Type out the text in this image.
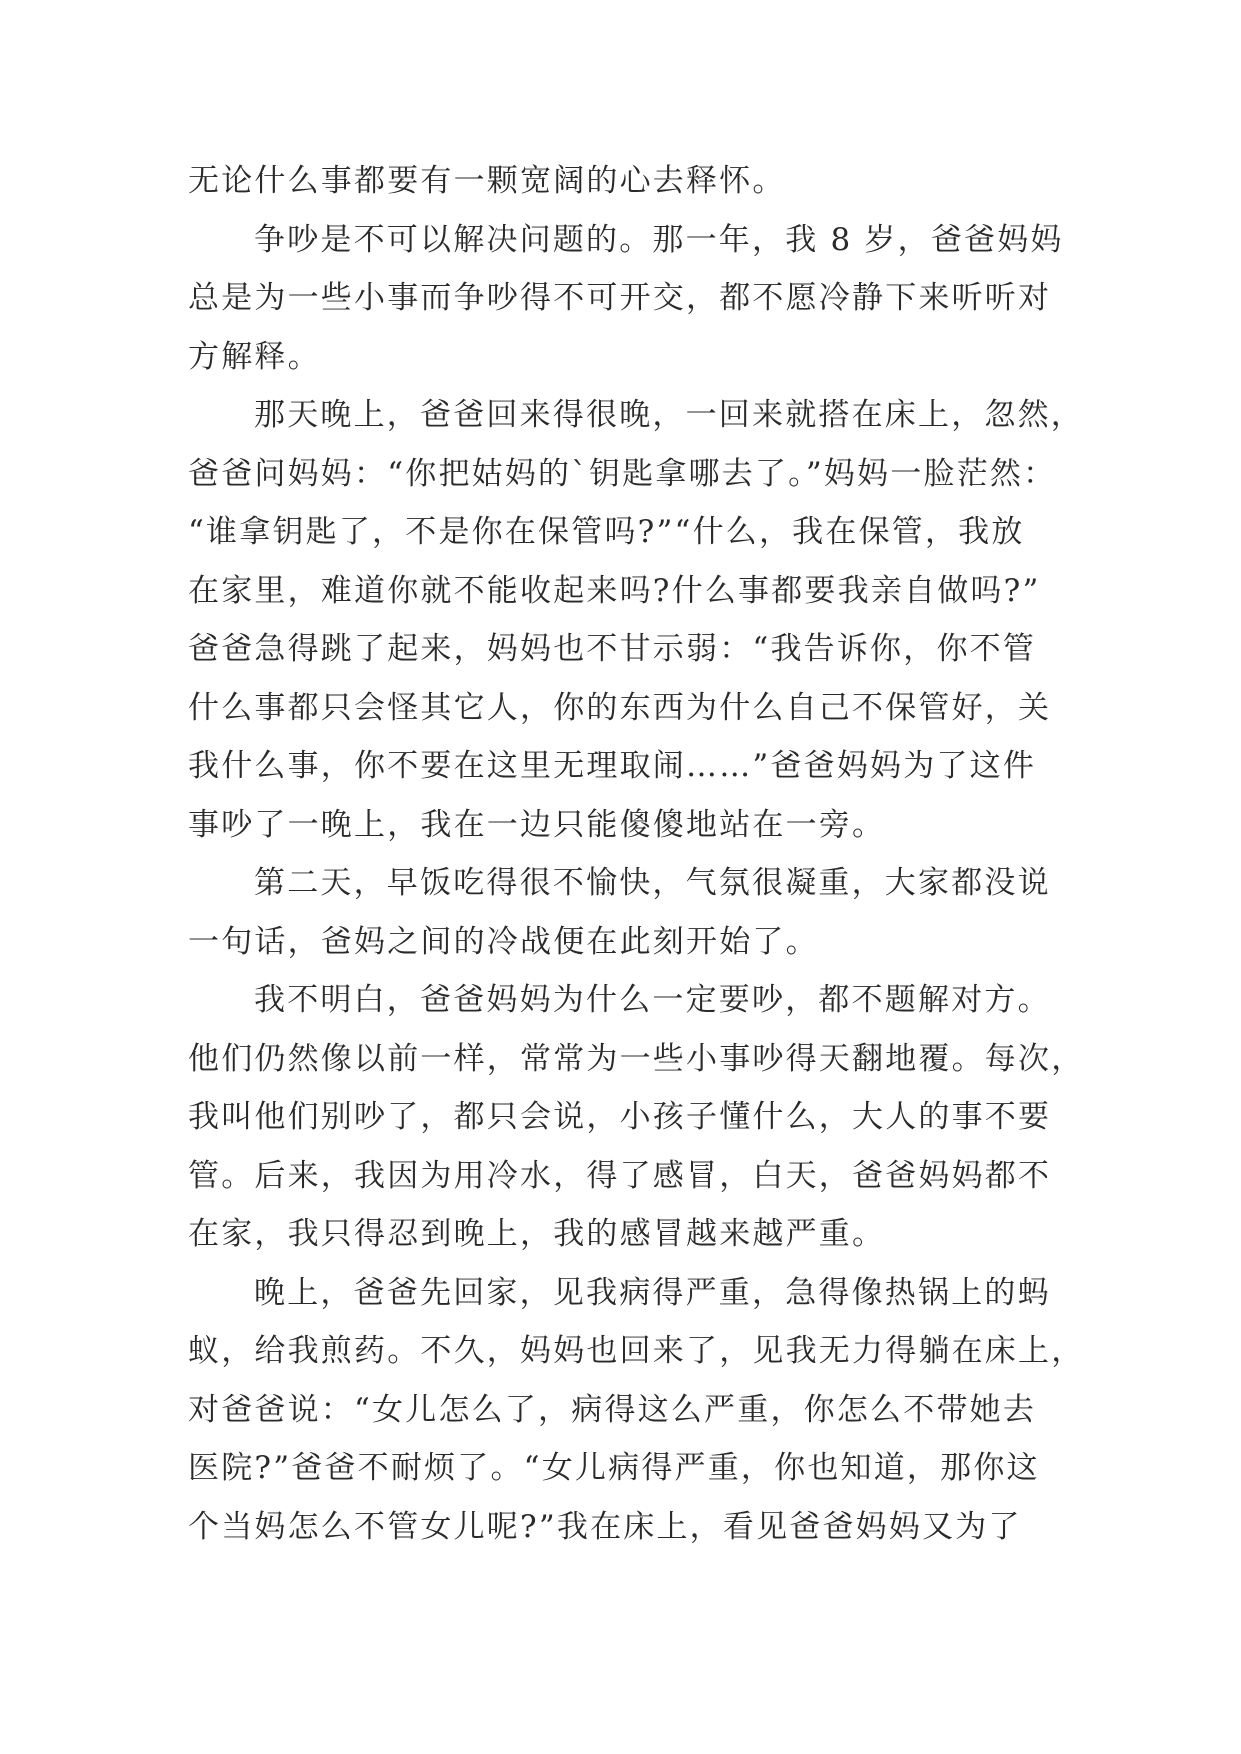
无论什么事都要有一颗宽阔的心去释怀。
争吵是不可以解决问题的。那一年，我 8 岁，爸爸妈妈
总是为一些小事而争吵得不可开交，都不愿冷静下来听听对
方解释。
那天晚上，爸爸回来得很晚，一回来就搭在床上，忽然，
爸爸问妈妈：“你把姑妈的`钥匙拿哪去了。”妈妈一脸茫然：
“谁拿钥匙了，不是你在保管吗?”“什么，我在保管，我放
在家里，难道你就不能收起来吗?什么事都要我亲自做吗?”
爸爸急得跳了起来，妈妈也不甘示弱：“我告诉你，你不管
什么事都只会怪其它人，你的东西为什么自己不保管好，关
我什么事，你不要在这里无理取闹……”爸爸妈妈为了这件
事吵了一晚上，我在一边只能傻傻地站在一旁。
第二天，早饭吃得很不愉快，气氛很凝重，大家都没说
一句话，爸妈之间的冷战便在此刻开始了。
我不明白，爸爸妈妈为什么一定要吵，都不题解对方。
他们仍然像以前一样，常常为一些小事吵得天翻地覆。每次，
我叫他们别吵了，都只会说，小孩子懂什么，大人的事不要
管。后来，我因为用冷水，得了感冒，白天，爸爸妈妈都不
在家，我只得忍到晚上，我的感冒越来越严重。
晚上，爸爸先回家，见我病得严重，急得像热锅上的蚂
蚁，给我煎药。不久，妈妈也回来了，见我无力得躺在床上，
对爸爸说：“女儿怎么了，病得这么严重，你怎么不带她去
医院?”爸爸不耐烦了。“女儿病得严重，你也知道，那你这
个当妈怎么不管女儿呢?”我在床上，看见爸爸妈妈又为了
